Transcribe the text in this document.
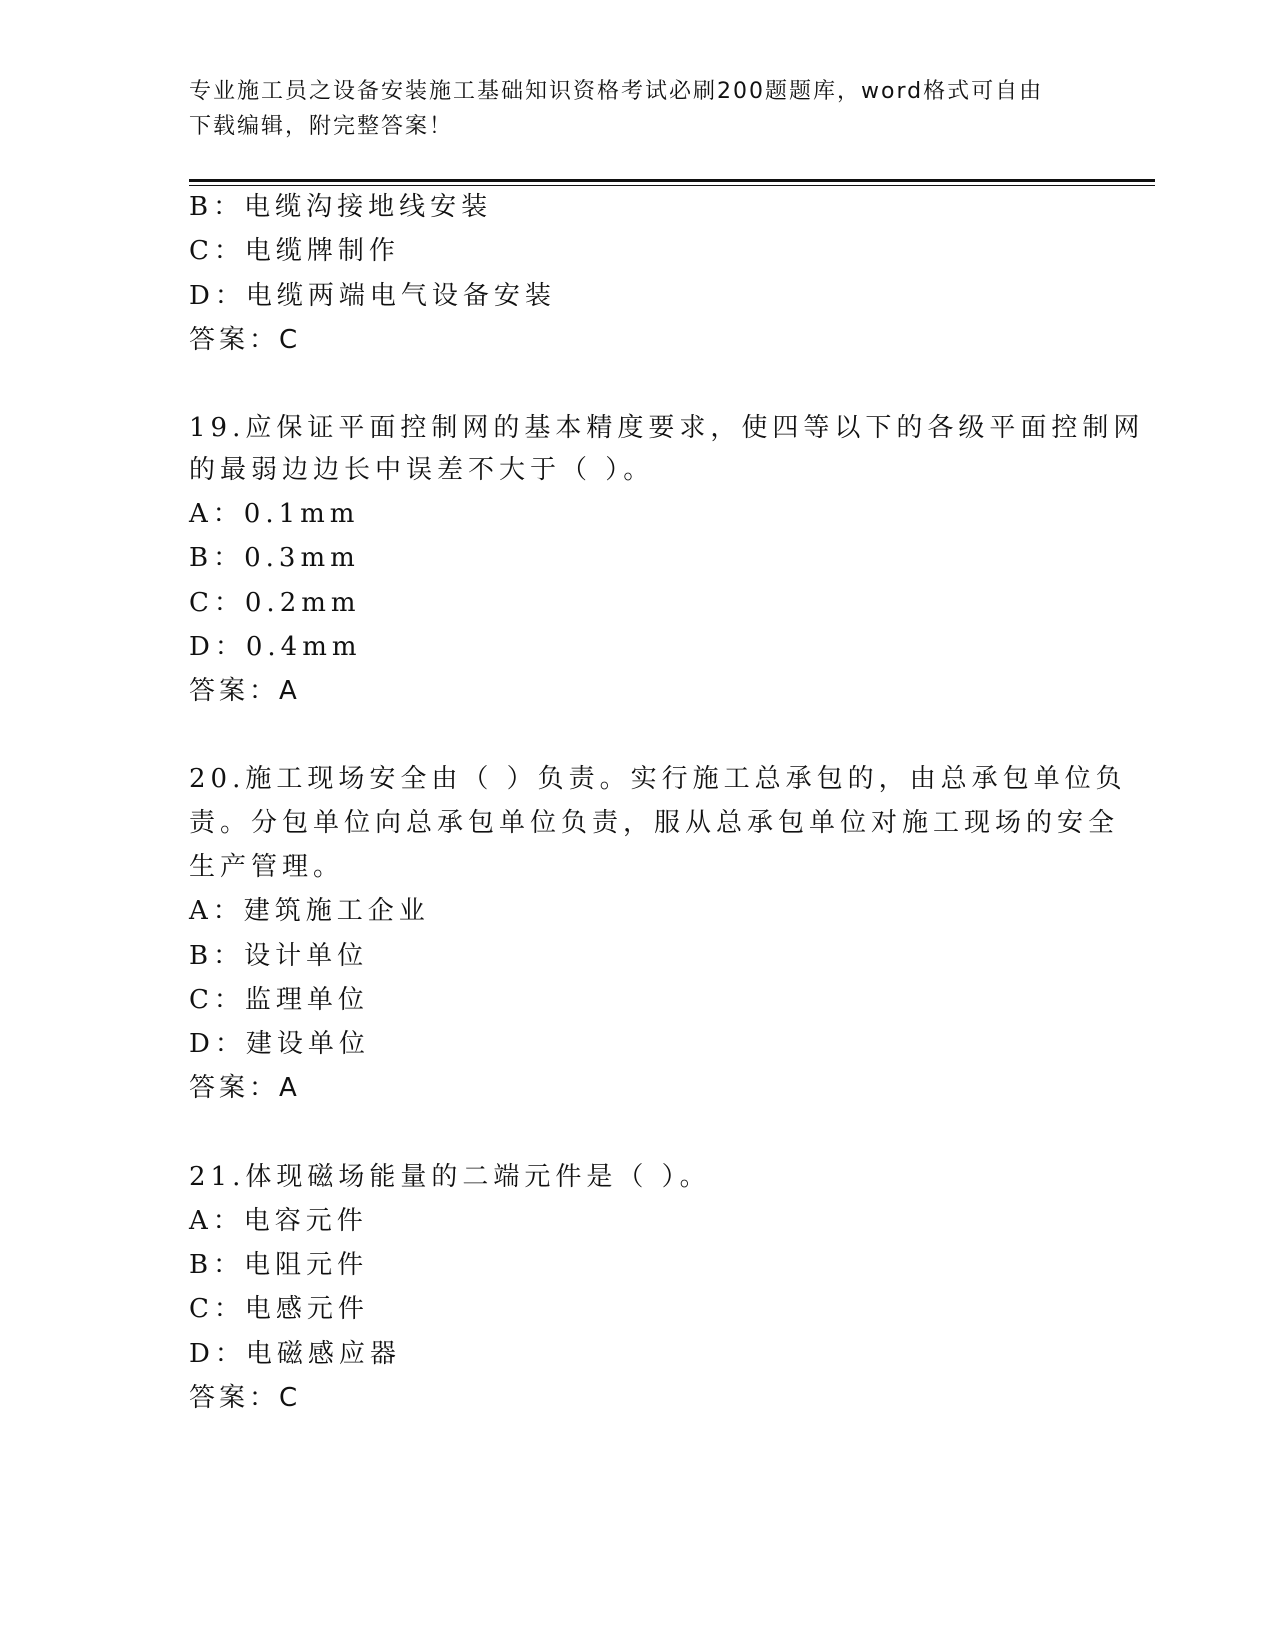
专业施工员之设备安装施工基础知识资格考试必刷200题题库，word格式可自由
下载编辑，附完整答案！
B：电缆沟接地线安装
C：电缆牌制作
D：电缆两端电气设备安装
答案：C
19.应保证平面控制网的基本精度要求，使四等以下的各级平面控制网
的最弱边边长中误差不大于（ ）。
A：0.1mm
B：0.3mm
C：0.2mm
D：0.4mm
答案：A
20.施工现场安全由（ ）负责。实行施工总承包的，由总承包单位负
责。分包单位向总承包单位负责，服从总承包单位对施工现场的安全
生产管理。
A：建筑施工企业
B：设计单位
C：监理单位
D：建设单位
答案：A
21.体现磁场能量的二端元件是（ ）。
A：电容元件
B：电阻元件
C：电感元件
D：电磁感应器
答案：C
